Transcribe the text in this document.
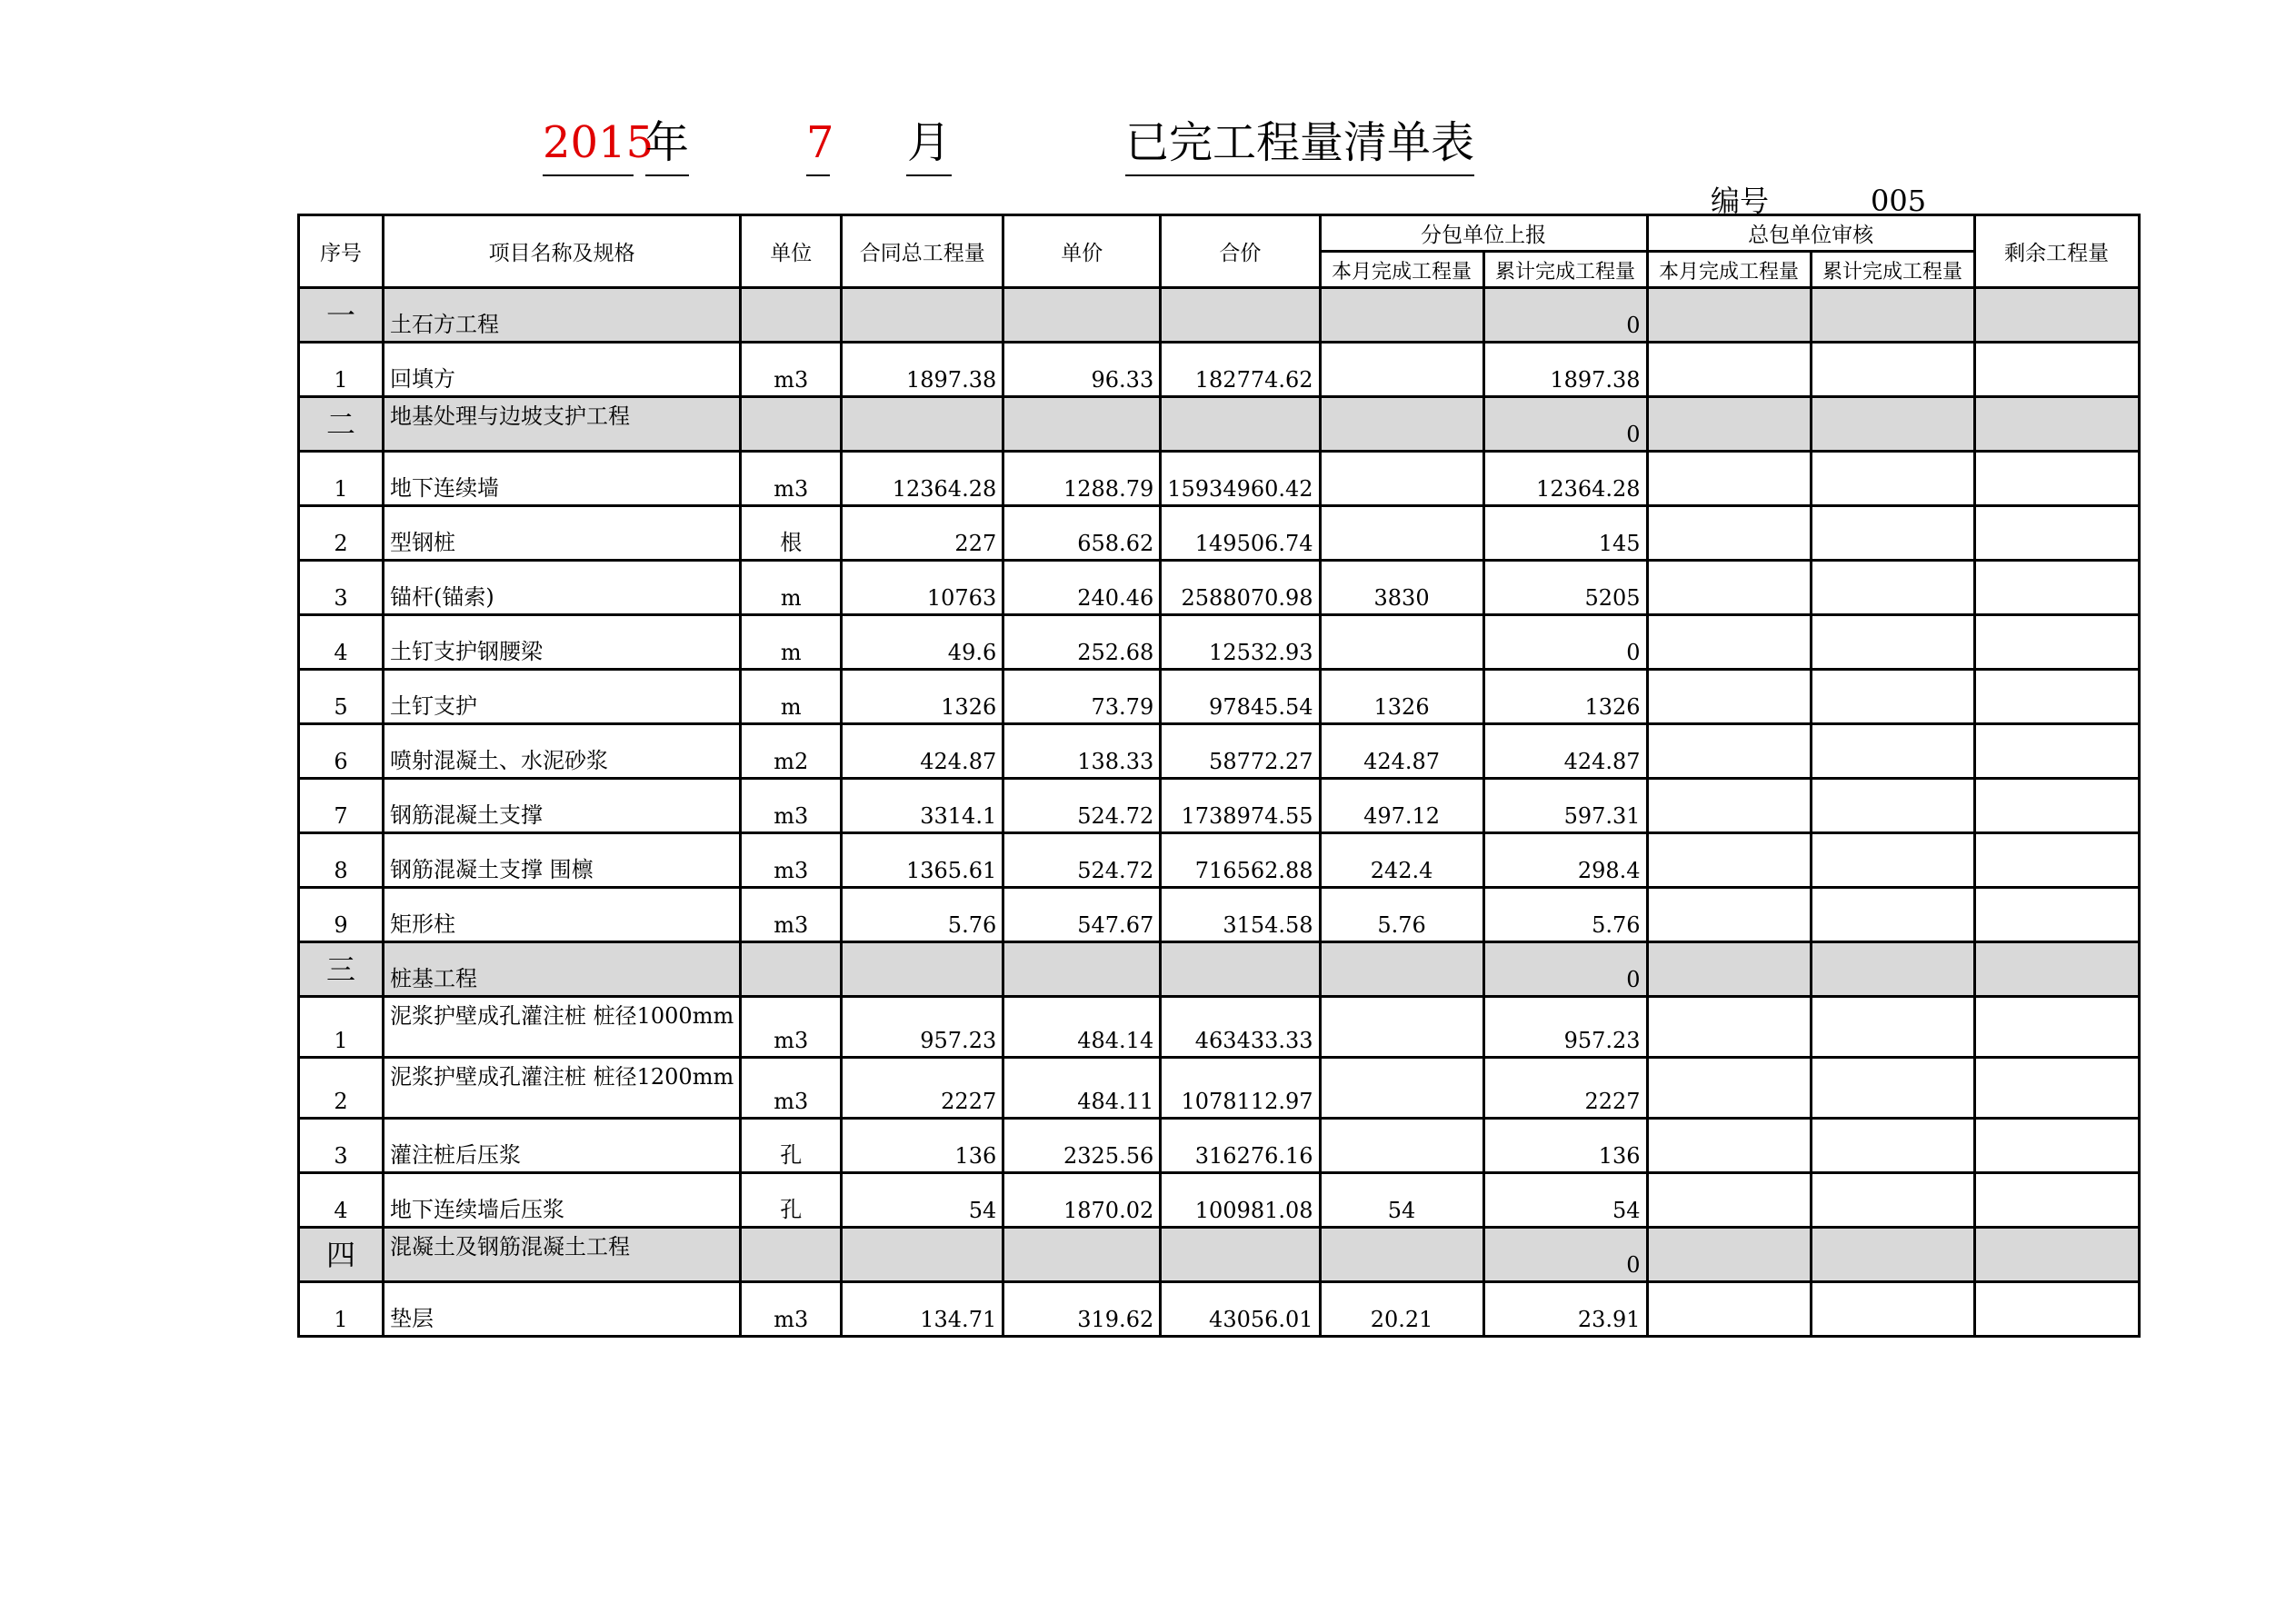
2015
年	7 月	已完工程量清单表
编号	005
序号	项目名称及规格	单位	合同总工程量	单价	合价	分包单位上报		总包单位审核		剩余工程量
						本月完成工程量	累计完成工程量	本月完成工程量	累计完成工程量	
一	土石方工程						0			
1	回填方	m3	1897.38	96.33	182774.62		1897.38			
二	地基处理与边坡支护工程						0			
1	地下连续墙	m3	12364.28	1288.79	15934960.42		12364.28			
2	型钢桩	根	227	658.62	149506.74		145			
3	锚杆(锚索)	m	10763	240.46	2588070.98	3830	5205			
4	土钉支护钢腰梁	m	49.6	252.68	12532.93		0			
5	土钉支护	m	1326	73.79	97845.54	1326	1326			
6	喷射混凝土、水泥砂浆	m2	424.87	138.33	58772.27	424.87	424.87			
7	钢筋混凝土支撑	m3	3314.1	524.72	1738974.55	497.12	597.31			
8	钢筋混凝土支撑 围檩	m3	1365.61	524.72	716562.88	242.4	298.4			
9	矩形柱	m3	5.76	547.67	3154.58	5.76	5.76			
三	桩基工程						0			
1	泥浆护壁成孔灌注桩 桩径1000mm	m3	957.23	484.14	463433.33		957.23			
2	泥浆护壁成孔灌注桩 桩径1200mm	m3	2227	484.11	1078112.97		2227			
3	灌注桩后压浆	孔	136	2325.56	316276.16		136			
4	地下连续墙后压浆	孔	54	1870.02	100981.08	54	54			
四	混凝土及钢筋混凝土工程						0			
1	垫层	m3	134.71	319.62	43056.01	20.21	23.91			
